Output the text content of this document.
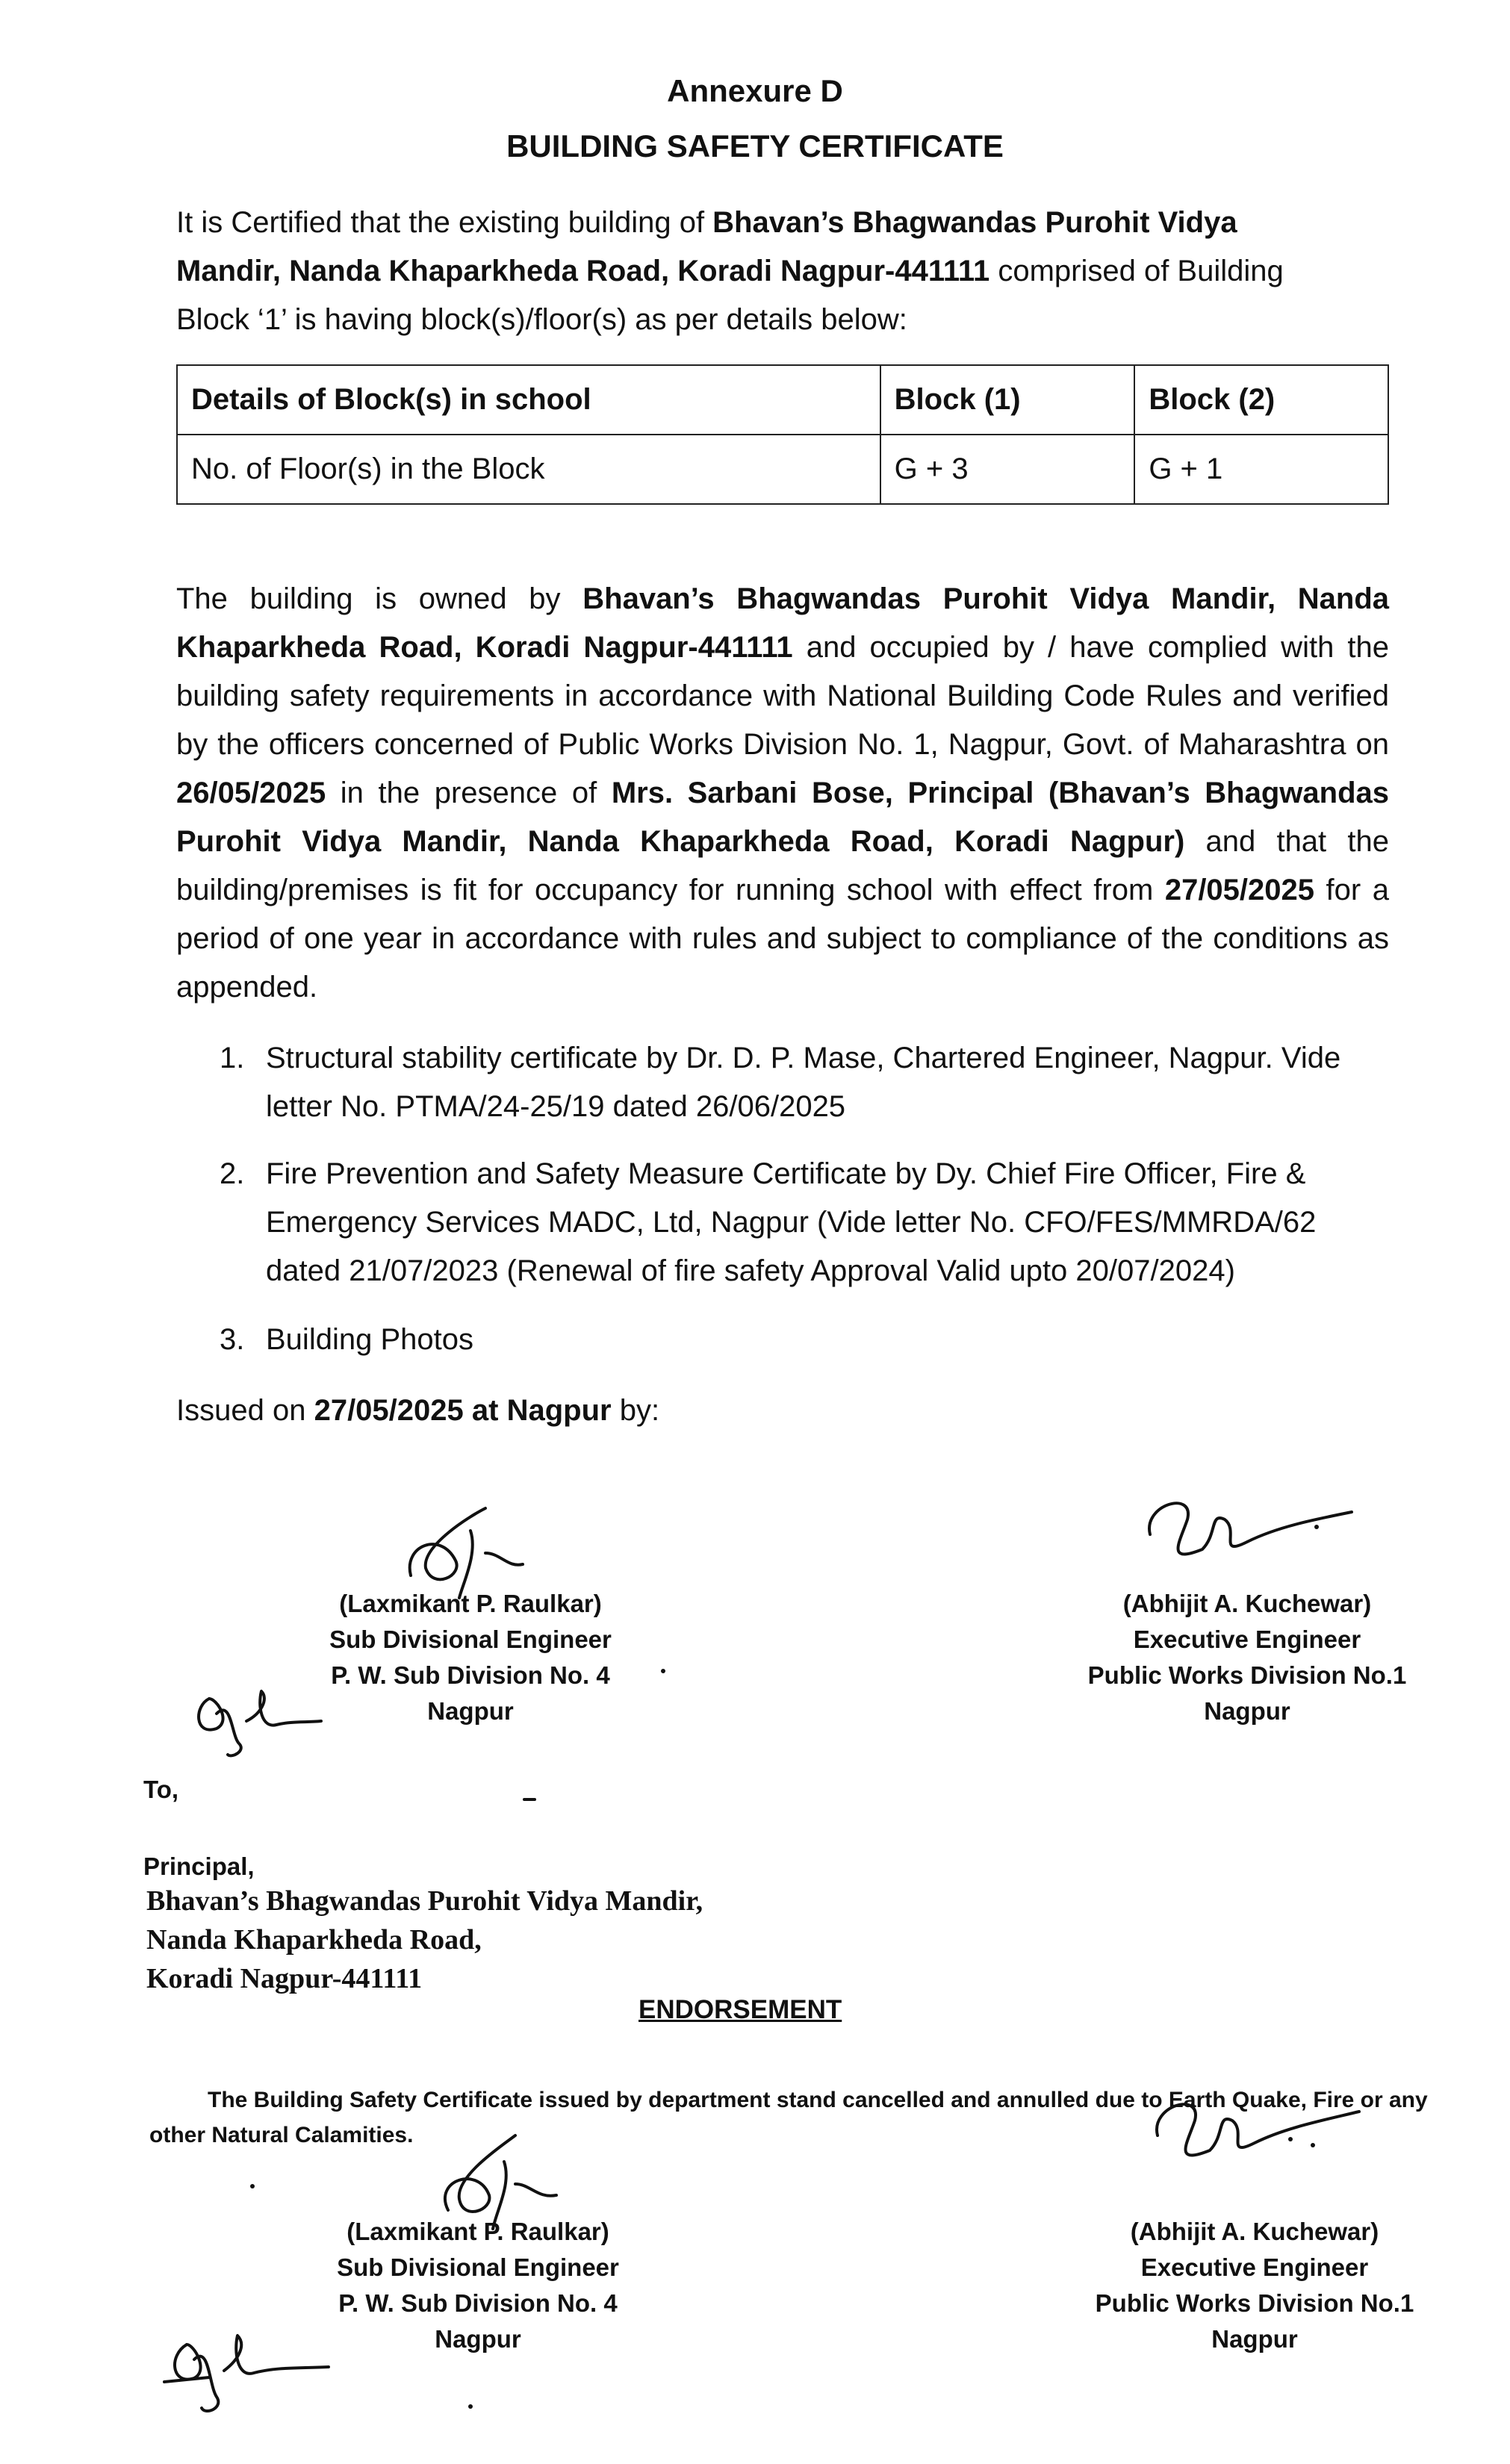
Annexure D
BUILDING SAFETY CERTIFICATE
It is Certified that the existing building of Bhavan’s Bhagwandas Purohit Vidya Mandir, Nanda Khaparkheda Road, Koradi Nagpur-441111 comprised of Building Block ‘1’ is having block(s)/floor(s) as per details below:
Details of Block(s) in school	Block (1)	Block (2)
No. of Floor(s) in the Block	G + 3	G + 1
The building is owned by Bhavan’s Bhagwandas Purohit Vidya Mandir, Nanda Khaparkheda Road, Koradi Nagpur-441111 and occupied by / have complied with the building safety requirements in accordance with National Building Code Rules and verified by the officers concerned of Public Works Division No. 1, Nagpur, Govt. of Maharashtra on 26/05/2025 in the presence of Mrs. Sarbani Bose, Principal (Bhavan’s Bhagwandas Purohit Vidya Mandir, Nanda Khaparkheda Road, Koradi Nagpur) and that the building/premises is fit for occupancy for running school with effect from 27/05/2025 for a period of one year in accordance with rules and subject to compliance of the conditions as appended.
1. Structural stability certificate by Dr. D. P. Mase, Chartered Engineer, Nagpur. Vide letter No. PTMA/24-25/19 dated 26/06/2025
2. Fire Prevention and Safety Measure Certificate by Dy. Chief Fire Officer, Fire & Emergency Services MADC, Ltd, Nagpur (Vide letter No. CFO/FES/MMRDA/62 dated 21/07/2023 (Renewal of fire safety Approval Valid upto 20/07/2024)
3. Building Photos
Issued on 27/05/2025 at Nagpur by:
(Laxmikant P. Raulkar)
Sub Divisional Engineer
P. W. Sub Division No. 4
Nagpur
(Abhijit A. Kuchewar)
Executive Engineer
Public Works Division No.1
Nagpur
To,
Principal,
Bhavan’s Bhagwandas Purohit Vidya Mandir,
Nanda Khaparkheda Road,
Koradi Nagpur-441111
ENDORSEMENT
The Building Safety Certificate issued by department stand cancelled and annulled due to Earth Quake, Fire or any
other Natural Calamities.
(Laxmikant P. Raulkar)
Sub Divisional Engineer
P. W. Sub Division No. 4
Nagpur
(Abhijit A. Kuchewar)
Executive Engineer
Public Works Division No.1
Nagpur
